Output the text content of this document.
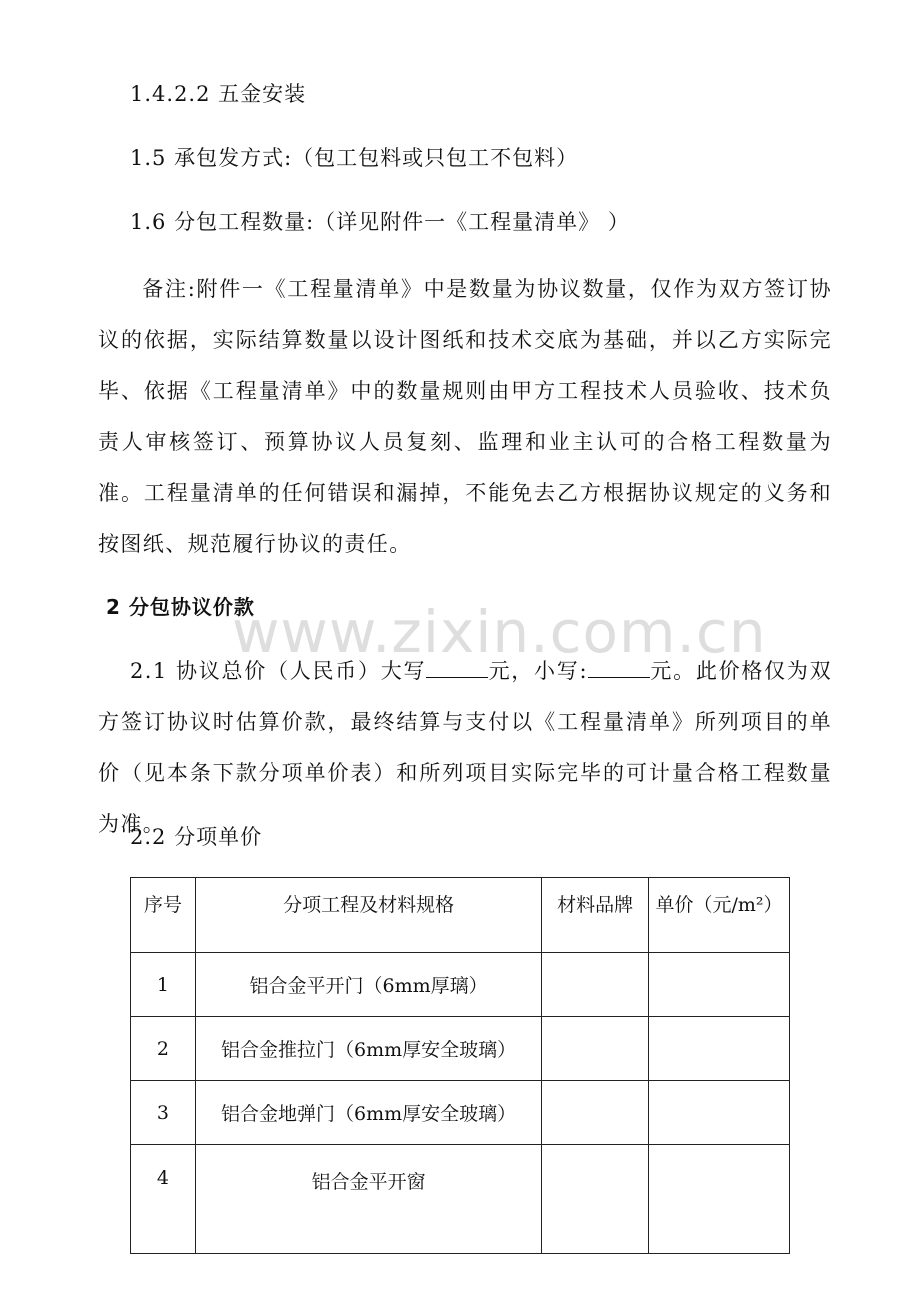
1.4.2.2 五金安装
1.5 承包发方式:（包工包料或只包工不包料）
1.6 分包工程数量:（详见附件一《工程量清单》 ）
备注:附件一《工程量清单》中是数量为协议数量，仅作为双方签订协议的依据，实际结算数量以设计图纸和技术交底为基础，并以乙方实际完毕、依据《工程量清单》中的数量规则由甲方工程技术人员验收、技术负责人审核签订、预算协议人员复刻、监理和业主认可的合格工程数量为准。工程量清单的任何错误和漏掉，不能免去乙方根据协议规定的义务和按图纸、规范履行协议的责任。
2 分包协议价款
www.zixin.com.cn
2.1 协议总价（人民币）大写	元，小写:	元。此价格仅为双方签订协议时估算价款，最终结算与支付以《工程量清单》所列项目的单价（见本条下款分项单价表）和所列项目实际完毕的可计量合格工程数量为准。
2.2 分项单价
序号	分项工程及材料规格	材料品牌	单价（元/m²）
1	铝合金平开门（6mm厚璃）		
2	铝合金推拉门（6mm厚安全玻璃）		
3	铝合金地弹门（6mm厚安全玻璃）		
4	铝合金平开窗		
